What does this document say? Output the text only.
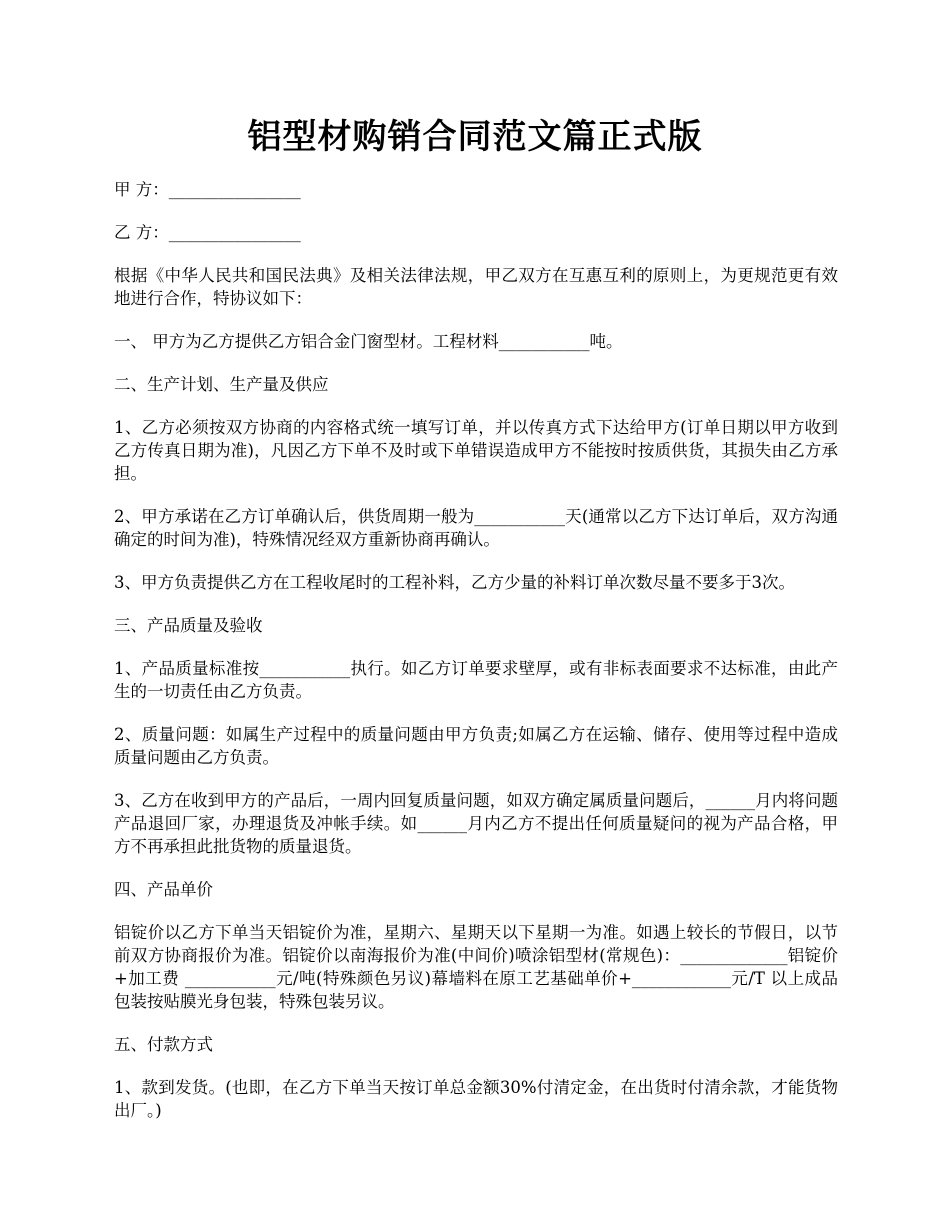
铝型材购销合同范文篇正式版

甲 方：________________

乙 方：________________

根据《中华人民共和国民法典》及相关法律法规，甲乙双方在互惠互利的原则上，为更规范更有效地进行合作，特协议如下：

一、 甲方为乙方提供乙方铝合金门窗型材。工程材料___________吨。

二、生产计划、生产量及供应

1、乙方必须按双方协商的内容格式统一填写订单，并以传真方式下达给甲方(订单日期以甲方收到乙方传真日期为准)，凡因乙方下单不及时或下单错误造成甲方不能按时按质供货，其损失由乙方承担。

2、甲方承诺在乙方订单确认后，供货周期一般为___________天(通常以乙方下达订单后，双方沟通确定的时间为准)，特殊情况经双方重新协商再确认。

3、甲方负责提供乙方在工程收尾时的工程补料，乙方少量的补料订单次数尽量不要多于3次。

三、产品质量及验收

1、产品质量标准按___________执行。如乙方订单要求壁厚，或有非标表面要求不达标准，由此产生的一切责任由乙方负责。

2、质量问题：如属生产过程中的质量问题由甲方负责;如属乙方在运输、储存、使用等过程中造成质量问题由乙方负责。

3、乙方在收到甲方的产品后，一周内回复质量问题，如双方确定属质量问题后，______月内将问题产品退回厂家，办理退货及冲帐手续。如______月内乙方不提出任何质量疑问的视为产品合格，甲方不再承担此批货物的质量退货。

四、产品单价

铝锭价以乙方下单当天铝锭价为准，星期六、星期天以下星期一为准。如遇上较长的节假日，以节前双方协商报价为准。铝锭价以南海报价为准(中间价)喷涂铝型材(常规色)：_____________铝锭价+加工费 ___________元/吨(特殊颜色另议)幕墙料在原工艺基础单价+____________元/T 以上成品包装按贴膜光身包装，特殊包装另议。

五、付款方式

1、款到发货。(也即，在乙方下单当天按订单总金额30%付清定金，在出货时付清余款，才能货物出厂。)
